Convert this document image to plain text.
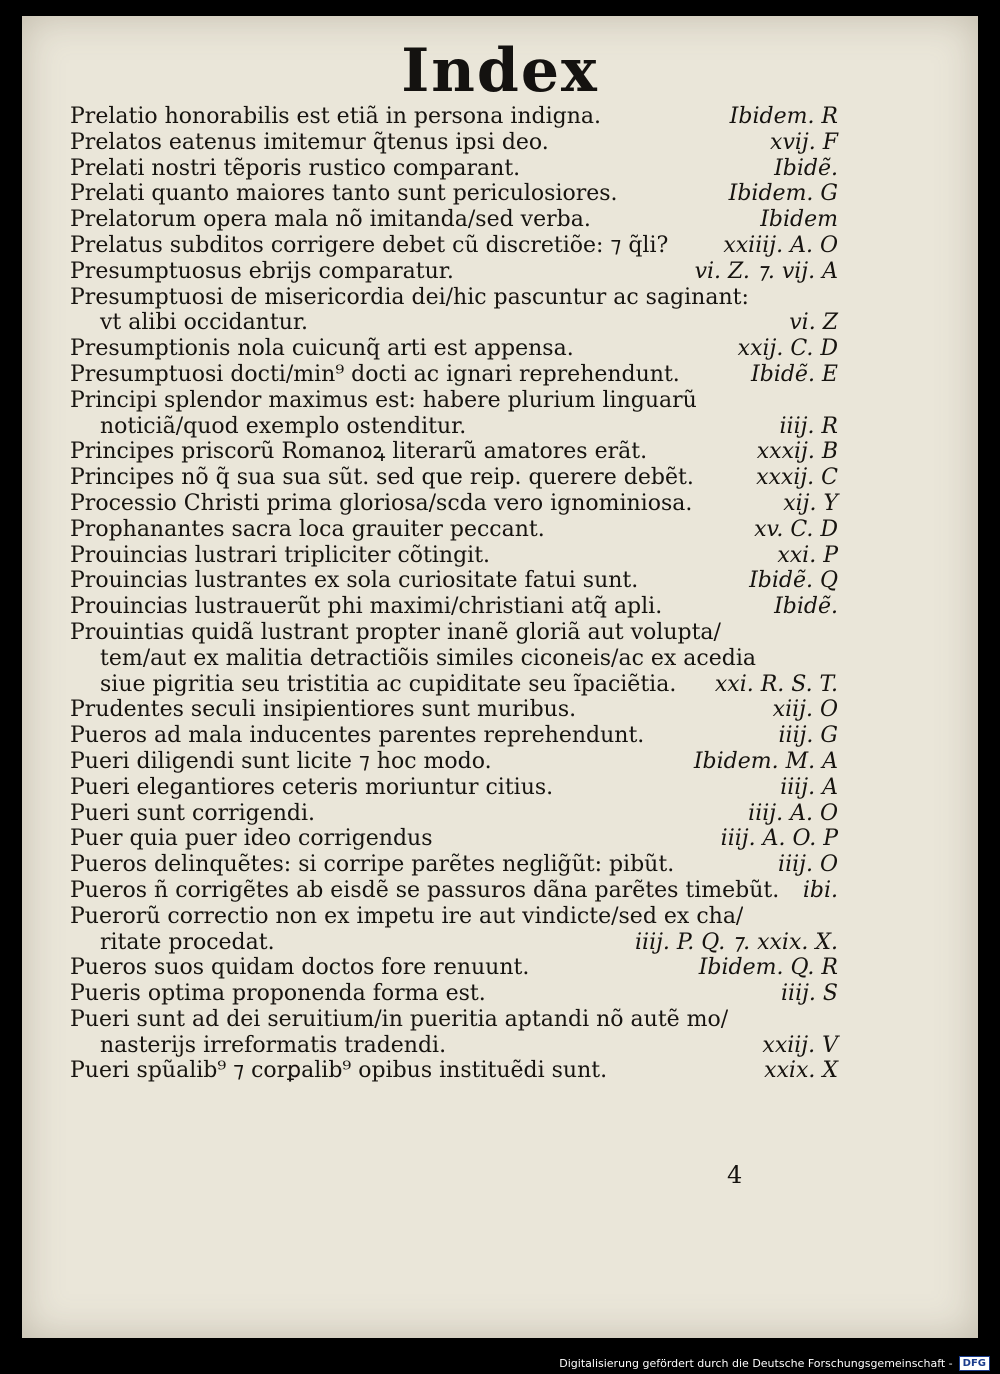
Index
Prelatio honorabilis est etiã in persona indigna.	Ibidem. R
Prelatos eatenus imitemur q̃tenus ipsi deo.	xvij. F
Prelati nostri tẽporis rustico comparant.	Ibidẽ.
Prelati quanto maiores tanto sunt periculosiores.	Ibidem. G
Prelatorum opera mala nõ imitanda/sed verba.	Ibidem
Prelatus subditos corrigere debet cũ discretiõe: ⁊ q̃li?	xxiiij. A. O
Presumptuosus ebrijs comparatur.	vi. Z. ⁊. vij. A
Presumptuosi de misericordia dei/hic pascuntur ac saginant:
vt alibi occidantur.	vi. Z
Presumptionis nola cuicunq̃ arti est appensa.	xxij. C. D
Presumptuosi docti/min⁹ docti ac ignari reprehendunt.	Ibidẽ. E
Principi splendor maximus est: habere plurium linguarũ
noticiã/quod exemplo ostenditur.	iiij. R
Principes priscorũ Romanoꝝ literarũ amatores erãt.	xxxij. B
Principes nõ q̃ sua sua sũt. sed que reip. querere debẽt.	xxxij. C
Processio Christi prima gloriosa/scd̃a vero ignominiosa.	xij. Y
Prophanantes sacra loca grauiter peccant.	xv. C. D
Prouincias lustrari tripliciter cõtingit.	xxi. P
Prouincias lustrantes ex sola curiositate fatui sunt.	Ibidẽ. Q
Prouincias lustrauerũt phi maximi/christiani atq̃ apl̃i.	Ibidẽ.
Prouintias quidã lustrant propter inanẽ gloriã aut volupta/
tem/aut ex malitia detractiõis similes ciconeis/ac ex acedia
siue pigritia seu tristitia ac cupiditate seu ĩpaciẽtia.	xxi. R. S. T.
Prudentes seculi insipientiores sunt muribus.	xiij. O
Pueros ad mala inducentes parentes reprehendunt.	iiij. G
Pueri diligendi sunt licite ⁊ hoc modo.	Ibidem. M. A
Pueri elegantiores ceteris moriuntur citius.	iiij. A
Pueri sunt corrigendi.	iiij. A. O
Puer quia puer ideo corrigendus	iiij. A. O. P
Pueros delinquẽtes: si corripe parẽtes neglig̃ũt: pibũt.	iiij. O
Pueros ñ corrigẽtes ab eisdẽ se passuros dãna parẽtes timebũt.	ibi.
Puerorũ correctio non ex impetu ire aut vindicte/sed ex cha/
ritate procedat.	iiij. P. Q. ⁊. xxix. X.
Pueros suos quidam doctos fore renuunt.	Ibidem. Q. R
Pueris optima proponenda forma est.	iiij. S
Pueri sunt ad dei seruitium/in pueritia aptandi nõ autẽ mo/
nasterijs irreformatis tradendi.	xxiij. V
Pueri spũalib⁹ ⁊ corꝑalib⁹ opibus instituẽdi sunt.	xxix. X
4
Digitalisierung gefördert durch die Deutsche Forschungsgemeinschaft -	DFG
